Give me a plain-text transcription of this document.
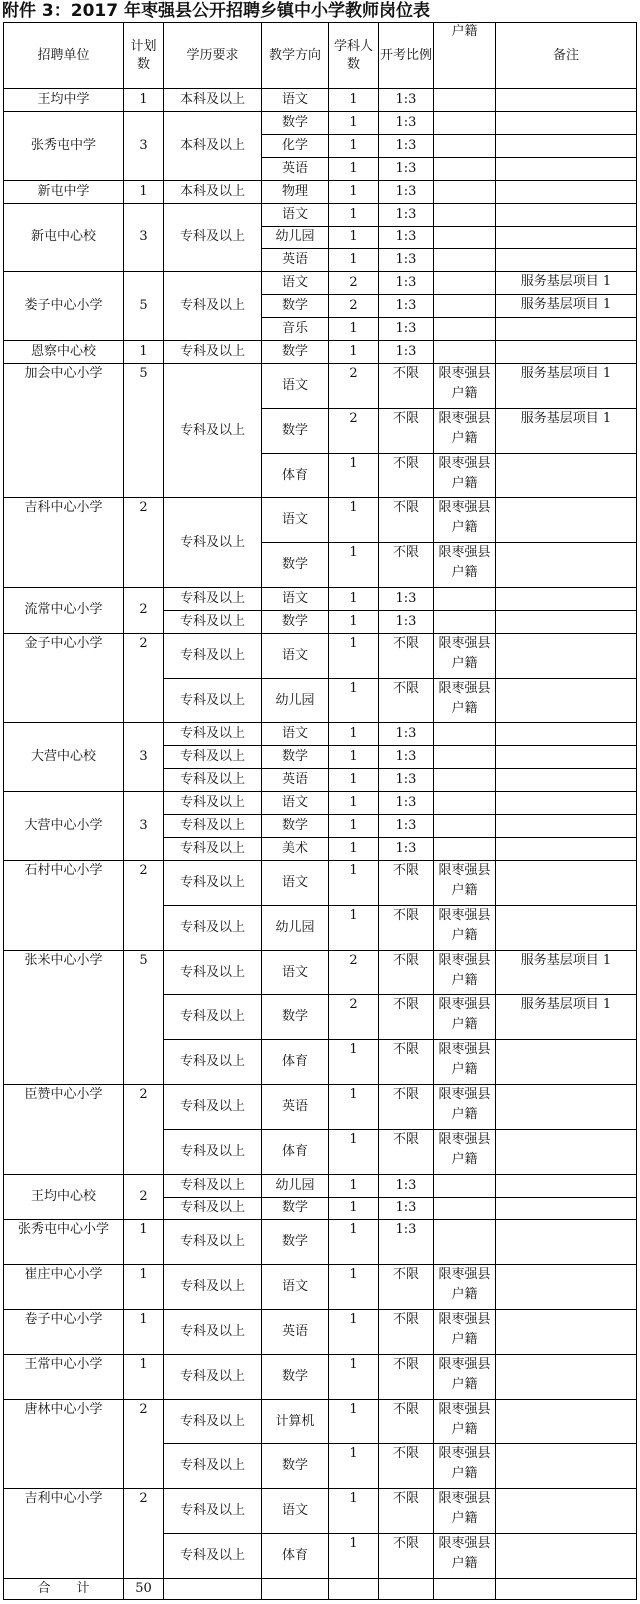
附件 3：2017 年枣强县公开招聘乡镇中小学教师岗位表
招聘单位	计划数	学历要求	教学方向	学科人数	开考比例	户籍	备注
王均中学	1	本科及以上	语文	1	1:3		
张秀屯中学	3	本科及以上	数学	1	1:3		
			化学	1	1:3		
			英语	1	1:3		
新屯中学	1	本科及以上	物理	1	1:3		
新屯中心校	3	专科及以上	语文	1	1:3		
			幼儿园	1	1:3		
			英语	1	1:3		
娄子中心小学	5	专科及以上	语文	2	1:3		服务基层项目 1
			数学	2	1:3		服务基层项目 1
			音乐	1	1:3		
恩察中心校	1	专科及以上	数学	1	1:3		
加会中心小学	5	专科及以上	语文	2	不限	限枣强县户籍	服务基层项目 1
			数学	2	不限	限枣强县户籍	服务基层项目 1
			体育	1	不限	限枣强县户籍	
吉科中心小学	2	专科及以上	语文	1	不限	限枣强县户籍	
			数学	1	不限	限枣强县户籍	
流常中心小学	2	专科及以上	语文	1	1:3		
		专科及以上	数学	1	1:3		
金子中心小学	2	专科及以上	语文	1	不限	限枣强县户籍	
		专科及以上	幼儿园	1	不限	限枣强县户籍	
大营中心校	3	专科及以上	语文	1	1:3		
		专科及以上	数学	1	1:3		
		专科及以上	英语	1	1:3		
大营中心小学	3	专科及以上	语文	1	1:3		
		专科及以上	数学	1	1:3		
		专科及以上	美术	1	1:3		
石村中心小学	2	专科及以上	语文	1	不限	限枣强县户籍	
		专科及以上	幼儿园	1	不限	限枣强县户籍	
张米中心小学	5	专科及以上	语文	2	不限	限枣强县户籍	服务基层项目 1
		专科及以上	数学	2	不限	限枣强县户籍	服务基层项目 1
		专科及以上	体育	1	不限	限枣强县户籍	
臣赞中心小学	2	专科及以上	英语	1	不限	限枣强县户籍	
		专科及以上	体育	1	不限	限枣强县户籍	
王均中心校	2	专科及以上	幼儿园	1	1:3		
		专科及以上	数学	1	1:3		
张秀屯中心小学	1	专科及以上	数学	1	1:3		
崔庄中心小学	1	专科及以上	语文	1	不限	限枣强县户籍	
卷子中心小学	1	专科及以上	英语	1	不限	限枣强县户籍	
王常中心小学	1	专科及以上	数学	1	不限	限枣强县户籍	
唐林中心小学	2	专科及以上	计算机	1	不限	限枣强县户籍	
		专科及以上	数学	1	不限	限枣强县户籍	
吉利中心小学	2	专科及以上	语文	1	不限	限枣强县户籍	
		专科及以上	体育	1	不限	限枣强县户籍	
合　　计	50						
